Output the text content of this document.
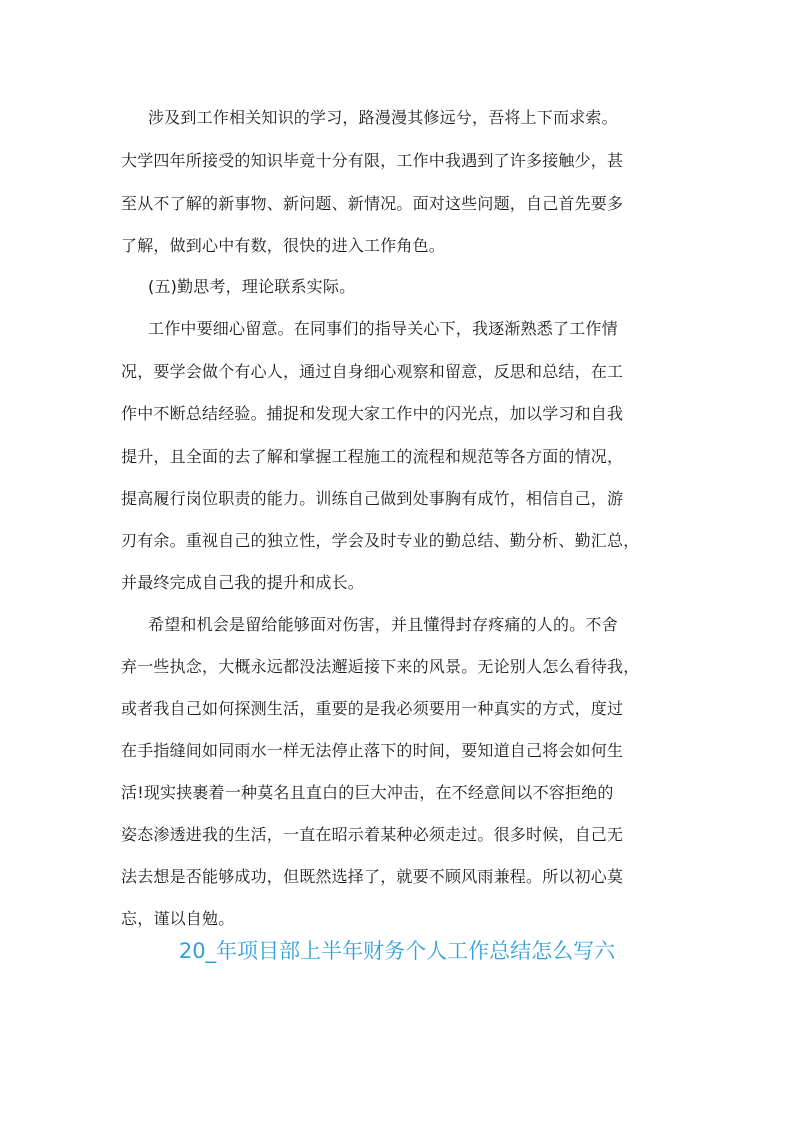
涉及到工作相关知识的学习，路漫漫其修远兮，吾将上下而求索。
大学四年所接受的知识毕竟十分有限，工作中我遇到了许多接触少，甚
至从不了解的新事物、新问题、新情况。面对这些问题，自己首先要多
了解，做到心中有数，很快的进入工作角色。
(五)勤思考，理论联系实际。
工作中要细心留意。在同事们的指导关心下，我逐渐熟悉了工作情
况，要学会做个有心人，通过自身细心观察和留意，反思和总结，在工
作中不断总结经验。捕捉和发现大家工作中的闪光点，加以学习和自我
提升，且全面的去了解和掌握工程施工的流程和规范等各方面的情况，
提高履行岗位职责的能力。训练自己做到处事胸有成竹，相信自己，游
刃有余。重视自己的独立性，学会及时专业的勤总结、勤分析、勤汇总，
并最终完成自己我的提升和成长。
希望和机会是留给能够面对伤害，并且懂得封存疼痛的人的。不舍
弃一些执念，大概永远都没法邂逅接下来的风景。无论别人怎么看待我，
或者我自己如何探测生活，重要的是我必须要用一种真实的方式，度过
在手指缝间如同雨水一样无法停止落下的时间，要知道自己将会如何生
活!现实挟裹着一种莫名且直白的巨大冲击，在不经意间以不容拒绝的
姿态渗透进我的生活，一直在昭示着某种必须走过。很多时候，自己无
法去想是否能够成功，但既然选择了，就要不顾风雨兼程。所以初心莫
忘，谨以自勉。
20_年项目部上半年财务个人工作总结怎么写六
